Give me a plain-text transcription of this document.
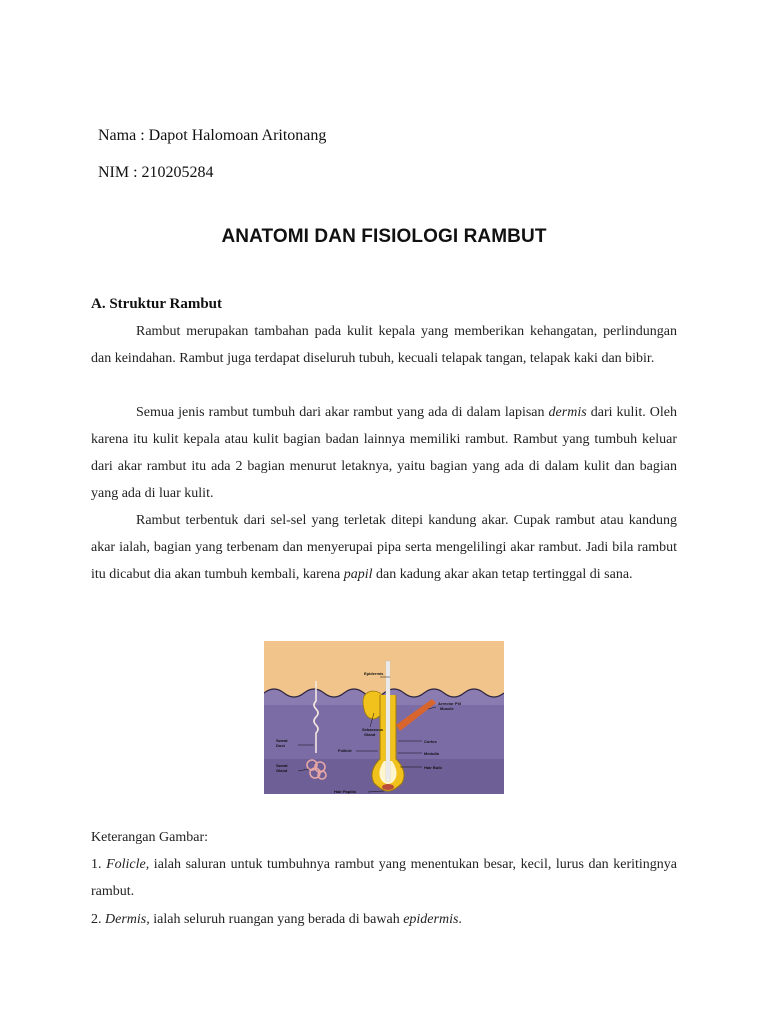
Nama : Dapot Halomoan Aritonang
NIM : 210205284
ANATOMI DAN FISIOLOGI RAMBUT
A. Struktur Rambut

Rambut merupakan tambahan pada kulit kepala yang memberikan kehangatan, perlindungan dan keindahan. Rambut juga terdapat diseluruh tubuh, kecuali telapak tangan, telapak kaki dan bibir.

Semua jenis rambut tumbuh dari akar rambut yang ada di dalam lapisan dermis dari kulit. Oleh karena itu kulit kepala atau kulit bagian badan lainnya memiliki rambut. Rambut yang tumbuh keluar dari akar rambut itu ada 2 bagian menurut letaknya, yaitu bagian yang ada di dalam kulit dan bagian yang ada di luar kulit.

Rambut terbentuk dari sel-sel yang terletak ditepi kandung akar. Cupak rambut atau kandung akar ialah, bagian yang terbenam dan menyerupai pipa serta mengelilingi akar rambut. Jadi bila rambut itu dicabut dia akan tumbuh kembali, karena papil dan kadung akar akan tetap tertinggal di sana.

Epidermis
Sebaceous
Gland
Arrector Pili
Muscle
Sweat
Duct
Sweat
Gland
Follicle
Cortex
Medulla
Hair Bulb
Hair Papilla
Keterangan Gambar:

1. Folicle, ialah saluran untuk tumbuhnya rambut yang menentukan besar, kecil, lurus dan keritingnya rambut.

2. Dermis, ialah seluruh ruangan yang berada di bawah epidermis.
